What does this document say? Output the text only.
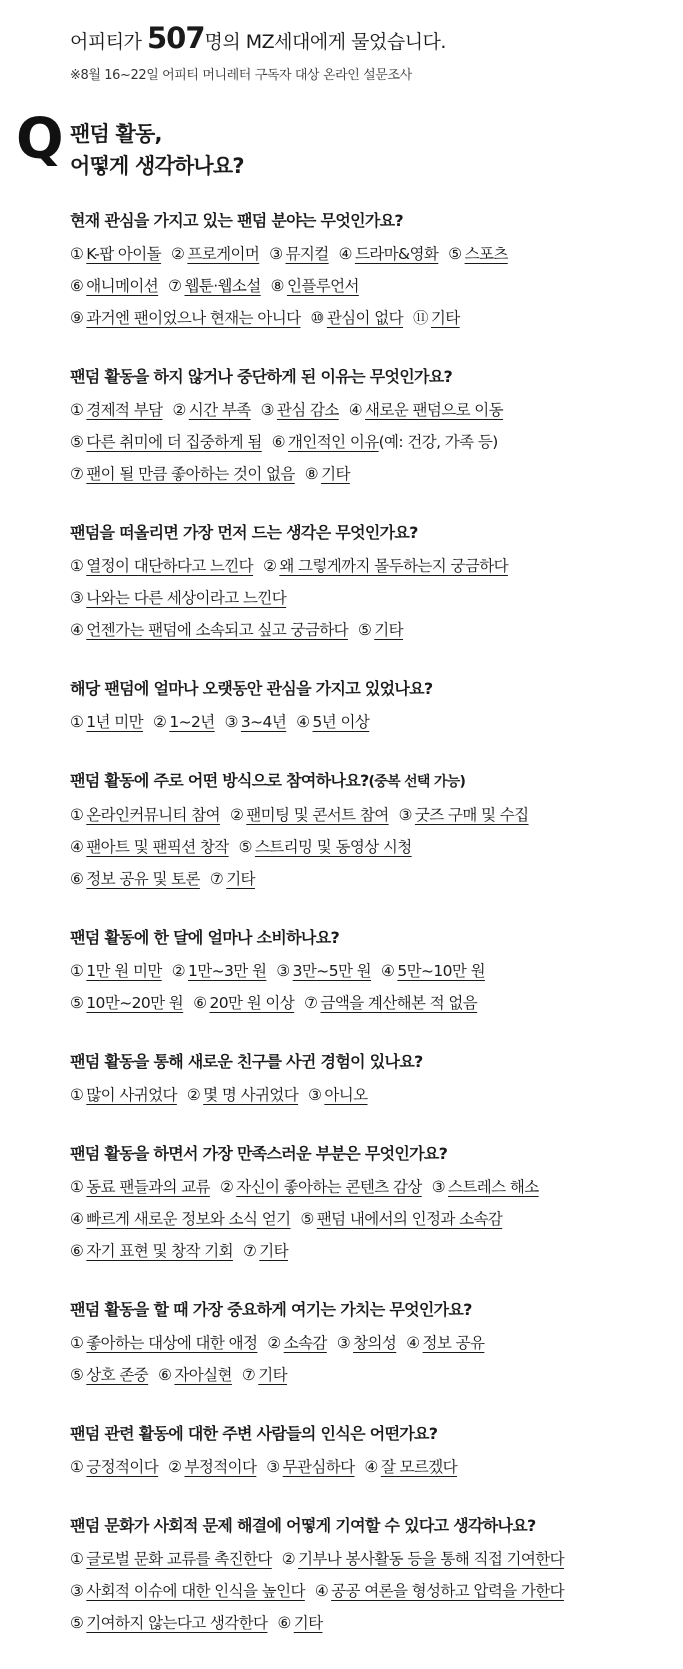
어피티가 507명의 MZ세대에게 물었습니다.
※8월 16~22일 어피티 머니레터 구독자 대상 온라인 설문조사
Q 팬덤 활동,
어떻게 생각하나요?
현재 관심을 가지고 있는 팬덤 분야는 무엇인가요?
① K-팝 아이돌 ② 프로게이머 ③ 뮤지컬 ④ 드라마&영화 ⑤ 스포츠
⑥ 애니메이션 ⑦ 웹툰·웹소설 ⑧ 인플루언서
⑨ 과거엔 팬이었으나 현재는 아니다 ⑩ 관심이 없다 ⑪ 기타
팬덤 활동을 하지 않거나 중단하게 된 이유는 무엇인가요?
① 경제적 부담 ② 시간 부족 ③ 관심 감소 ④ 새로운 팬덤으로 이동
⑤ 다른 취미에 더 집중하게 됨 ⑥ 개인적인 이유(예: 건강, 가족 등)
⑦ 팬이 될 만큼 좋아하는 것이 없음 ⑧ 기타
팬덤을 떠올리면 가장 먼저 드는 생각은 무엇인가요?
① 열정이 대단하다고 느낀다 ② 왜 그렇게까지 몰두하는지 궁금하다
③ 나와는 다른 세상이라고 느낀다
④ 언젠가는 팬덤에 소속되고 싶고 궁금하다 ⑤ 기타
해당 팬덤에 얼마나 오랫동안 관심을 가지고 있었나요?
① 1년 미만 ② 1~2년 ③ 3~4년 ④ 5년 이상
팬덤 활동에 주로 어떤 방식으로 참여하나요?(중복 선택 가능)
① 온라인커뮤니티 참여 ② 팬미팅 및 콘서트 참여 ③ 굿즈 구매 및 수집
④ 팬아트 및 팬픽션 창작 ⑤ 스트리밍 및 동영상 시청
⑥ 정보 공유 및 토론 ⑦ 기타
팬덤 활동에 한 달에 얼마나 소비하나요?
① 1만 원 미만 ② 1만~3만 원 ③ 3만~5만 원 ④ 5만~10만 원
⑤ 10만~20만 원 ⑥ 20만 원 이상 ⑦ 금액을 계산해본 적 없음
팬덤 활동을 통해 새로운 친구를 사귄 경험이 있나요?
① 많이 사귀었다 ② 몇 명 사귀었다 ③ 아니오
팬덤 활동을 하면서 가장 만족스러운 부분은 무엇인가요?
① 동료 팬들과의 교류 ② 자신이 좋아하는 콘텐츠 감상 ③ 스트레스 해소
④ 빠르게 새로운 정보와 소식 얻기 ⑤ 팬덤 내에서의 인정과 소속감
⑥ 자기 표현 및 창작 기회 ⑦ 기타
팬덤 활동을 할 때 가장 중요하게 여기는 가치는 무엇인가요?
① 좋아하는 대상에 대한 애정 ② 소속감 ③ 창의성 ④ 정보 공유
⑤ 상호 존중 ⑥ 자아실현 ⑦ 기타
팬덤 관련 활동에 대한 주변 사람들의 인식은 어떤가요?
① 긍정적이다 ② 부정적이다 ③ 무관심하다 ④ 잘 모르겠다
팬덤 문화가 사회적 문제 해결에 어떻게 기여할 수 있다고 생각하나요?
① 글로벌 문화 교류를 촉진한다 ② 기부나 봉사활동 등을 통해 직접 기여한다
③ 사회적 이슈에 대한 인식을 높인다 ④ 공공 여론을 형성하고 압력을 가한다
⑤ 기여하지 않는다고 생각한다 ⑥ 기타
